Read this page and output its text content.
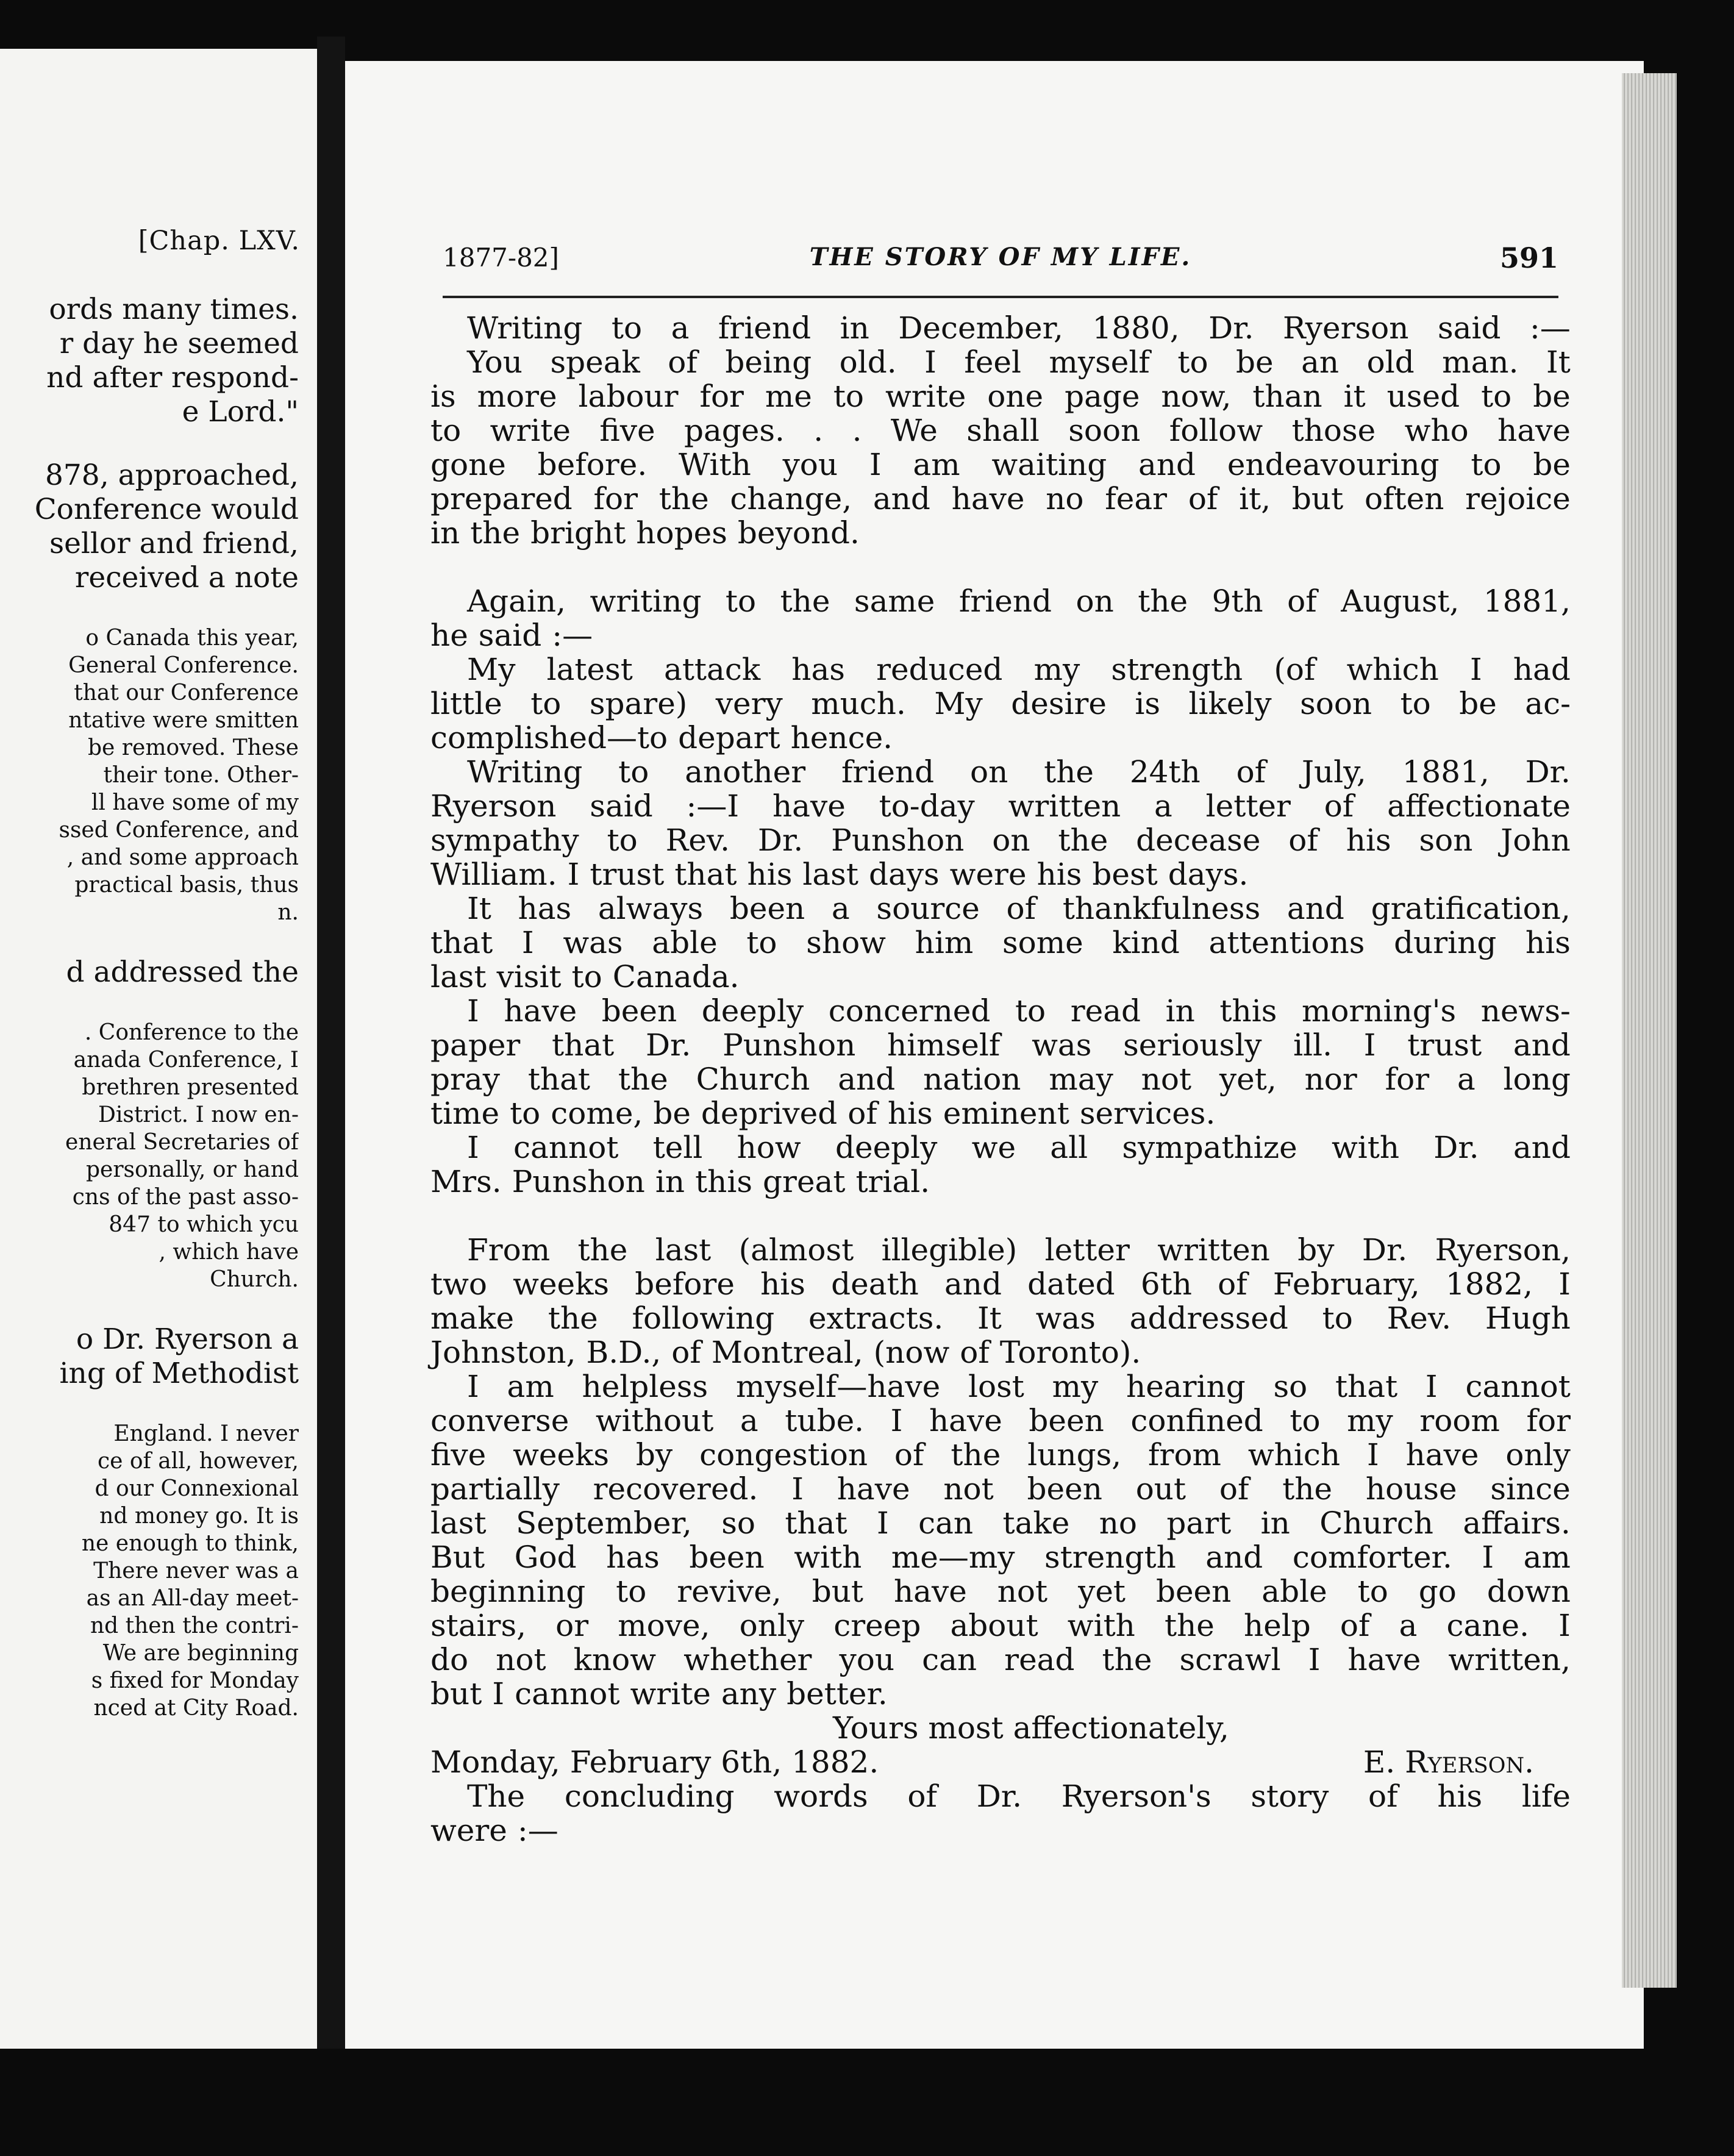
[Chap. LXV.
ords many times.
r day he seemed
nd after respond-
e Lord."
878, approached,
Conference would
sellor and friend,
received a note
o Canada this year,
General Conference.
that our Conference
ntative were smitten
be removed. These
their tone. Other-
ll have some of my
ssed Conference, and
, and some approach
practical basis, thus
n.
d addressed the
. Conference to the
anada Conference, I
brethren presented
District. I now en-
eneral Secretaries of
personally, or hand
cns of the past asso-
847 to which ycu
, which have
Church.
o Dr. Ryerson a
ing of Methodist
England. I never
ce of all, however,
d our Connexional
nd money go. It is
ne enough to think,
There never was a
as an All-day meet-
nd then the contri-
We are beginning
s fixed for Monday
nced at City Road.
1877-82]	THE STORY OF MY LIFE.	591
Writing to a friend in December, 1880, Dr. Ryerson said :—
You speak of being old. I feel myself to be an old man. It
is more labour for me to write one page now, than it used to be
to write five pages. . . We shall soon follow those who have
gone before. With you I am waiting and endeavouring to be
prepared for the change, and have no fear of it, but often rejoice
in the bright hopes beyond.
Again, writing to the same friend on the 9th of August, 1881,
he said :—
My latest attack has reduced my strength (of which I had
little to spare) very much. My desire is likely soon to be ac-
complished—to depart hence.
Writing to another friend on the 24th of July, 1881, Dr.
Ryerson said :—I have to-day written a letter of affectionate
sympathy to Rev. Dr. Punshon on the decease of his son John
William. I trust that his last days were his best days.
It has always been a source of thankfulness and gratification,
that I was able to show him some kind attentions during his
last visit to Canada.
I have been deeply concerned to read in this morning's news-
paper that Dr. Punshon himself was seriously ill. I trust and
pray that the Church and nation may not yet, nor for a long
time to come, be deprived of his eminent services.
I cannot tell how deeply we all sympathize with Dr. and
Mrs. Punshon in this great trial.
From the last (almost illegible) letter written by Dr. Ryerson,
two weeks before his death and dated 6th of February, 1882, I
make the following extracts. It was addressed to Rev. Hugh
Johnston, B.D., of Montreal, (now of Toronto).
I am helpless myself—have lost my hearing so that I cannot
converse without a tube. I have been confined to my room for
five weeks by congestion of the lungs, from which I have only
partially recovered. I have not been out of the house since
last September, so that I can take no part in Church affairs.
But God has been with me—my strength and comforter. I am
beginning to revive, but have not yet been able to go down
stairs, or move, only creep about with the help of a cane. I
do not know whether you can read the scrawl I have written,
but I cannot write any better.
Yours most affectionately,
Monday, February 6th, 1882.	E. Ryerson.
The concluding words of Dr. Ryerson's story of his life
were :—
